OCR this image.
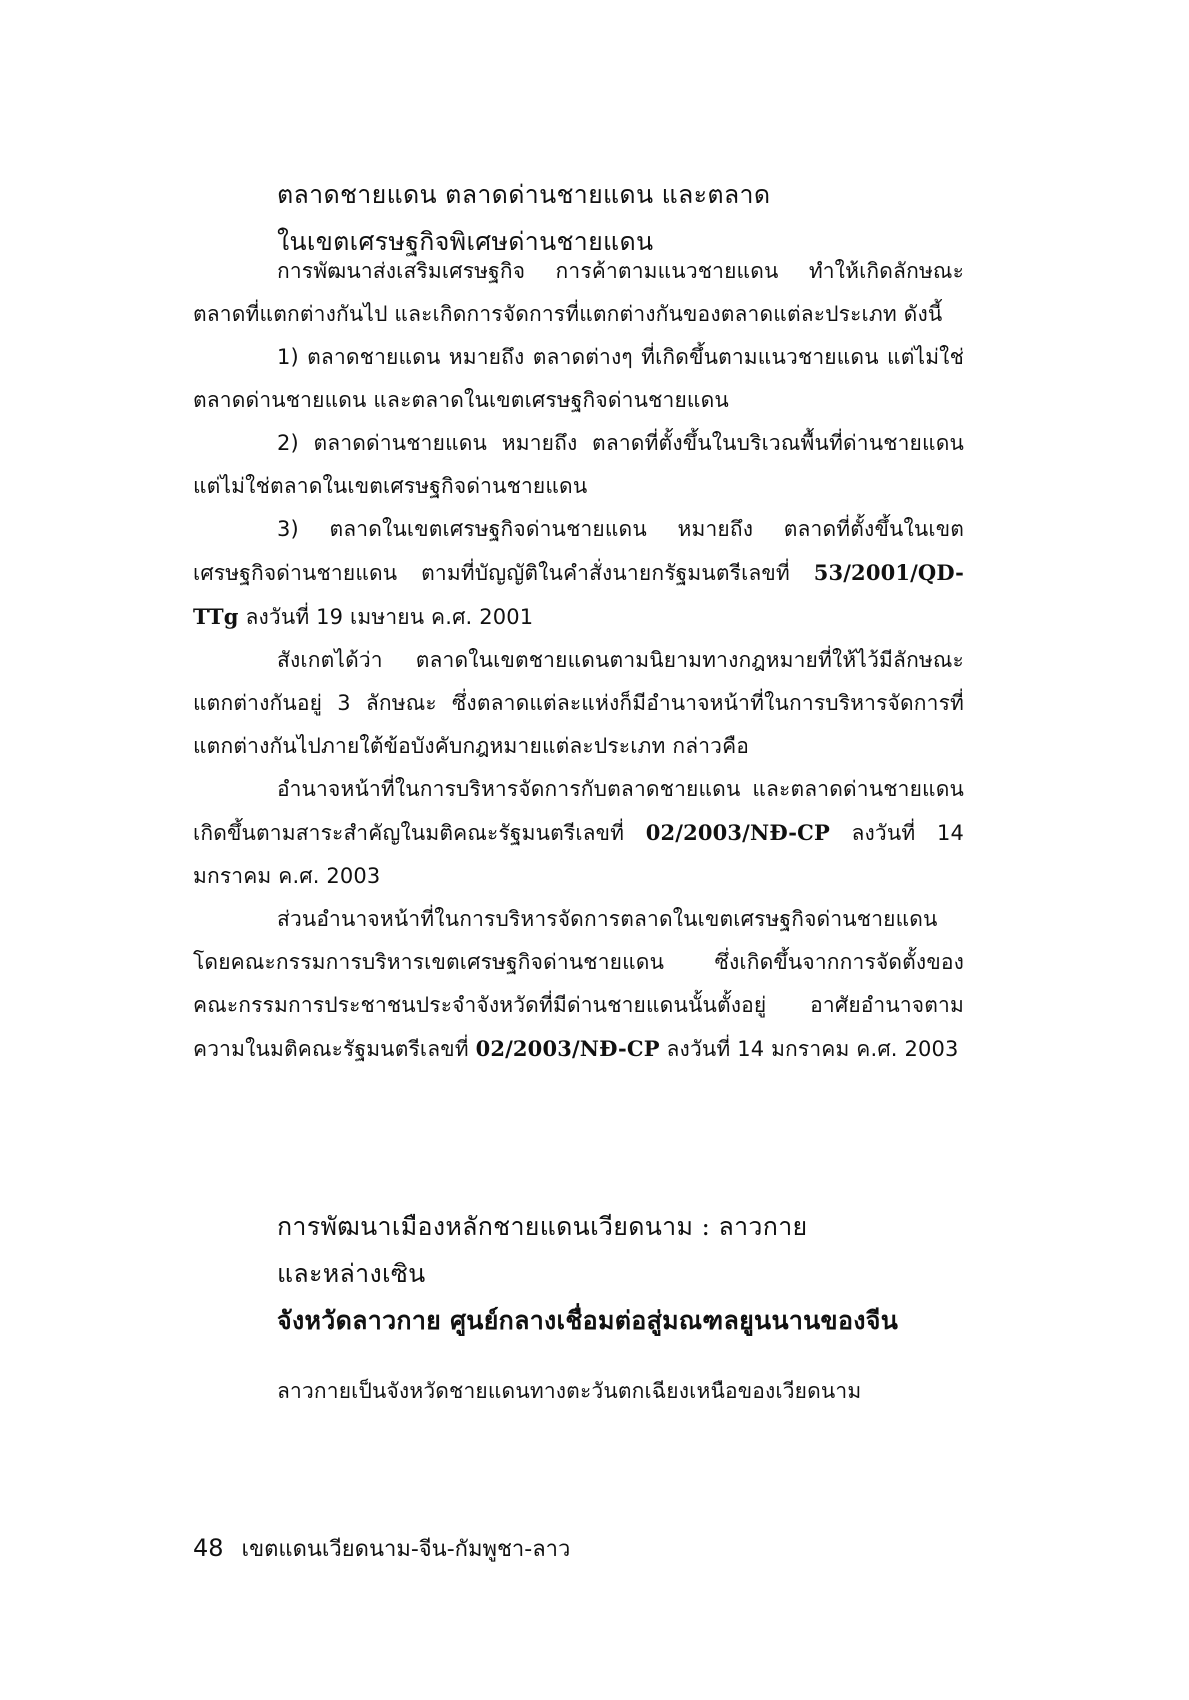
ตลาดชายแดน ตลาดด่านชายแดน และตลาด
ในเขตเศรษฐกิจพิเศษด่านชายแดน

การพัฒนาส่งเสริมเศรษฐกิจ การค้าตามแนวชายแดน ทำให้เกิดลักษณะตลาดที่แตกต่างกันไป และเกิดการจัดการที่แตกต่างกันของตลาดแต่ละประเภท ดังนี้

1) ตลาดชายแดน หมายถึง ตลาดต่างๆ ที่เกิดขึ้นตามแนวชายแดน แต่ไม่ใช่ตลาดด่านชายแดน และตลาดในเขตเศรษฐกิจด่านชายแดน

2) ตลาดด่านชายแดน หมายถึง ตลาดที่ตั้งขึ้นในบริเวณพื้นที่ด่านชายแดน แต่ไม่ใช่ตลาดในเขตเศรษฐกิจด่านชายแดน

3) ตลาดในเขตเศรษฐกิจด่านชายแดน หมายถึง ตลาดที่ตั้งขึ้นในเขตเศรษฐกิจด่านชายแดน ตามที่บัญญัติในคำสั่งนายกรัฐมนตรีเลขที่ 53/2001/QD-TTg ลงวันที่ 19 เมษายน ค.ศ. 2001

สังเกตได้ว่า ตลาดในเขตชายแดนตามนิยามทางกฎหมายที่ให้ไว้มีลักษณะแตกต่างกันอยู่ 3 ลักษณะ ซึ่งตลาดแต่ละแห่งก็มีอำนาจหน้าที่ในการบริหารจัดการที่แตกต่างกันไปภายใต้ข้อบังคับกฎหมายแต่ละประเภท กล่าวคือ

อำนาจหน้าที่ในการบริหารจัดการกับตลาดชายแดน และตลาดด่านชายแดน เกิดขึ้นตามสาระสำคัญในมติคณะรัฐมนตรีเลขที่ 02/2003/NĐ-CP ลงวันที่ 14 มกราคม ค.ศ. 2003

ส่วนอำนาจหน้าที่ในการบริหารจัดการตลาดในเขตเศรษฐกิจด่านชายแดน โดยคณะกรรมการบริหารเขตเศรษฐกิจด่านชายแดน ซึ่งเกิดขึ้นจากการจัดตั้งของคณะกรรมการประชาชนประจำจังหวัดที่มีด่านชายแดนนั้นตั้งอยู่ อาศัยอำนาจตามความในมติคณะรัฐมนตรีเลขที่ 02/2003/NĐ-CP ลงวันที่ 14 มกราคม ค.ศ. 2003

การพัฒนาเมืองหลักชายแดนเวียดนาม : ลาวกาย
และหล่างเซิน
จังหวัดลาวกาย ศูนย์กลางเชื่อมต่อสู่มณฑลยูนนานของจีน

ลาวกายเป็นจังหวัดชายแดนทางตะวันตกเฉียงเหนือของเวียดนาม

48 เขตแดนเวียดนาม-จีน-กัมพูชา-ลาว
